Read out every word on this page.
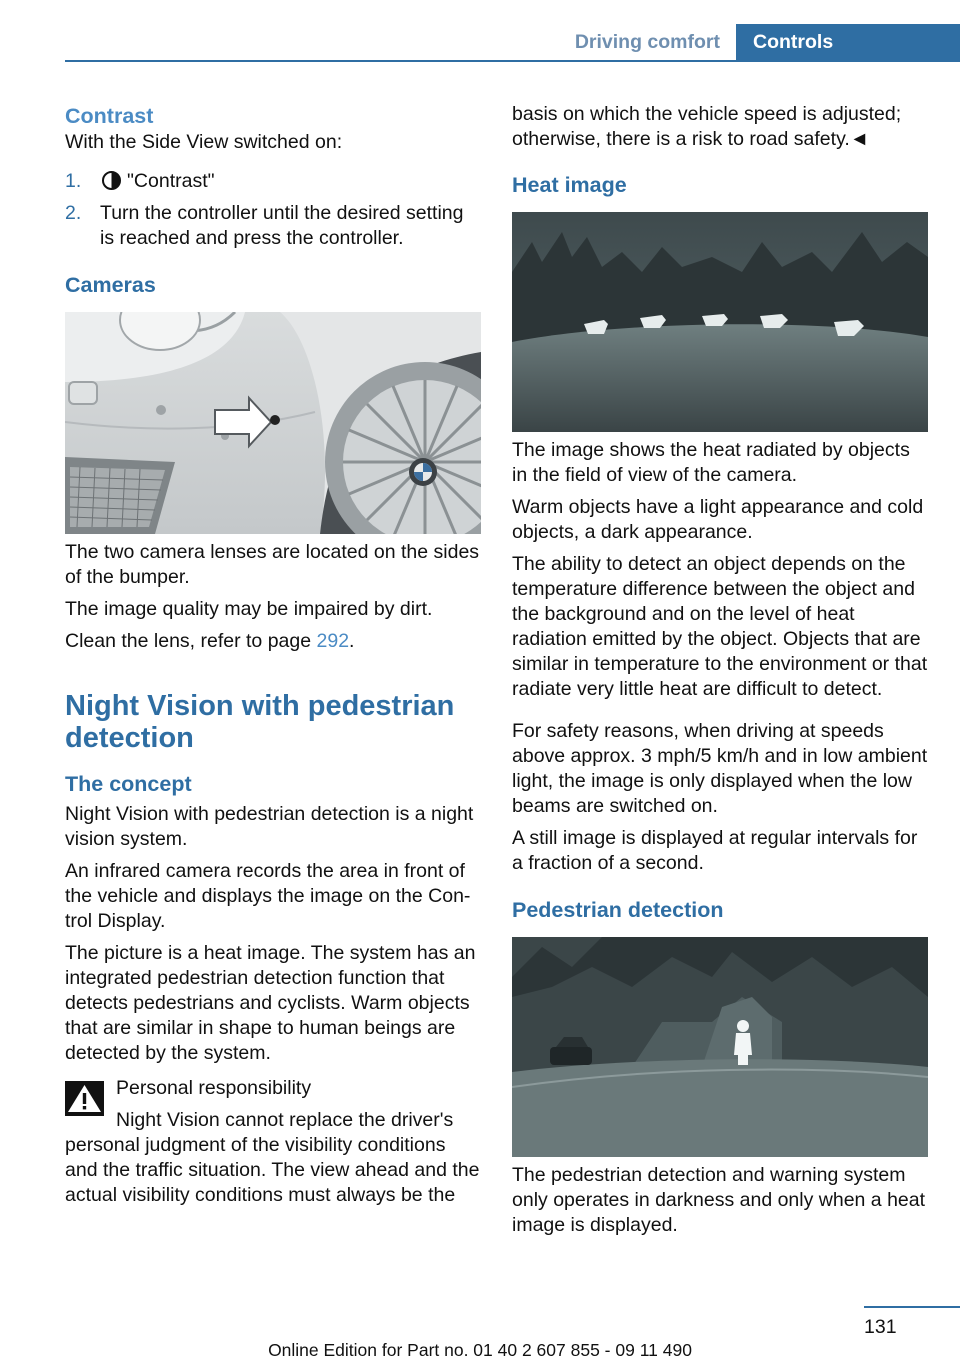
Driving comfort	Controls
Contrast

With the Side View switched on:

1. "Contrast"
2. Turn the controller until the desired setting is reached and press the controller.
Cameras

The two camera lenses are located on the sides of the bumper.

The image quality may be impaired by dirt.

Clean the lens, refer to page 292.

Night Vision with pedestrian detection
The concept

Night Vision with pedestrian detection is a night vision system.

An infrared camera records the area in front of the vehicle and displays the image on the Con‐trol Display.

The picture is a heat image. The system has an integrated pedestrian detection function that detects pedestrians and cyclists. Warm objects that are similar in shape to human beings are detected by the system.

Personal responsibility

Night Vision cannot replace the driver's

personal judgment of the visibility conditions and the traffic situation. The view ahead and the actual visibility conditions must always be the

basis on which the vehicle speed is adjusted; otherwise, there is a risk to road safety.◄

Heat image

The image shows the heat radiated by objects in the field of view of the camera.

Warm objects have a light appearance and cold objects, a dark appearance.

The ability to detect an object depends on the temperature difference between the object and the background and on the level of heat radiation emitted by the object. Objects that are similar in temperature to the environment or that radiate very little heat are difficult to detect.

For safety reasons, when driving at speeds above approx. 3 mph/5 km/h and in low ambient light, the image is only displayed when the low beams are switched on.

A still image is displayed at regular intervals for a fraction of a second.

Pedestrian detection

The pedestrian detection and warning system only operates in darkness and only when a heat image is displayed.

131
Online Edition for Part no. 01 40 2 607 855 - 09 11 490
